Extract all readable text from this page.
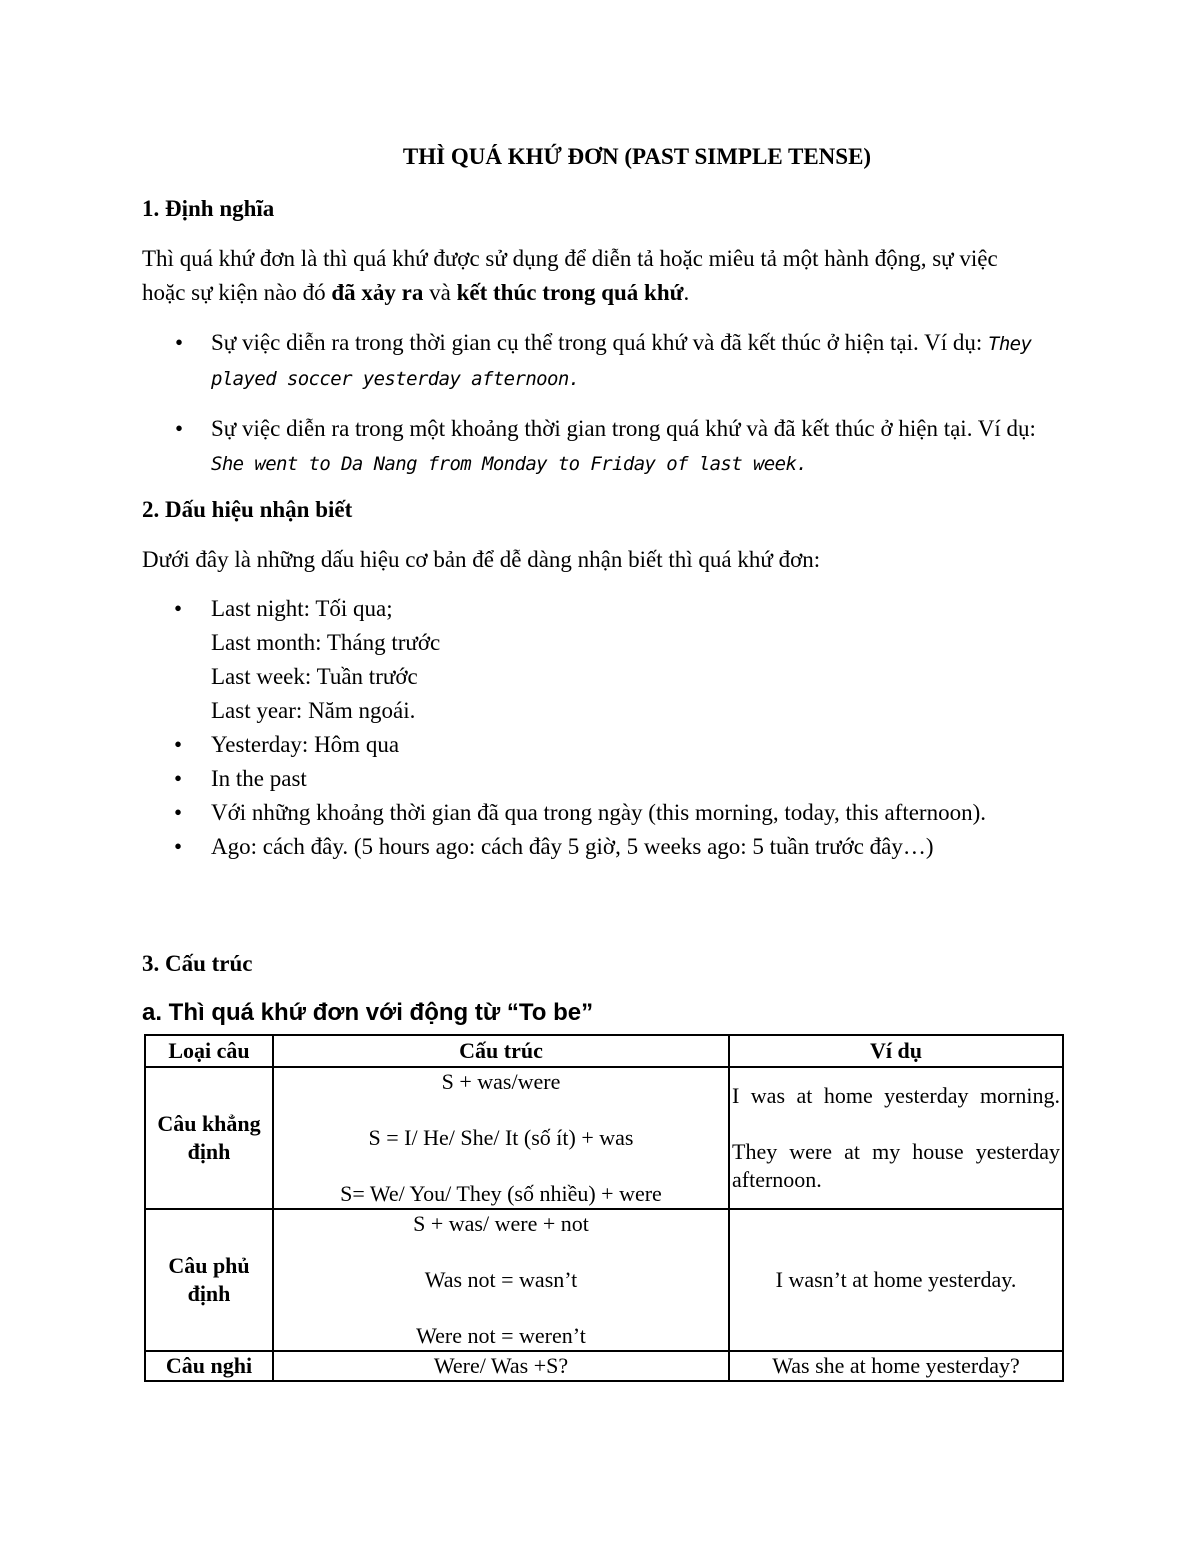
THÌ QUÁ KHỨ ĐƠN (PAST SIMPLE TENSE)
1. Định nghĩa

Thì quá khứ đơn là thì quá khứ được sử dụng để diễn tả hoặc miêu tả một hành động, sự việc hoặc sự kiện nào đó đã xảy ra và kết thúc trong quá khứ.

• Sự việc diễn ra trong thời gian cụ thể trong quá khứ và đã kết thúc ở hiện tại. Ví dụ: They played soccer yesterday afternoon.
• Sự việc diễn ra trong một khoảng thời gian trong quá khứ và đã kết thúc ở hiện tại. Ví dụ: She went to Da Nang from Monday to Friday of last week.
2. Dấu hiệu nhận biết

Dưới đây là những dấu hiệu cơ bản để dễ dàng nhận biết thì quá khứ đơn:

• Last night: Tối qua;
Last month: Tháng trước
Last week: Tuần trước
Last year: Năm ngoái.
• Yesterday: Hôm qua
• In the past
• Với những khoảng thời gian đã qua trong ngày (this morning, today, this afternoon).
• Ago: cách đây. (5 hours ago: cách đây 5 giờ, 5 weeks ago: 5 tuần trước đây…)
3. Cấu trúc
a. Thì quá khứ đơn với động từ “To be”
Loại câu	Cấu trúc	Ví dụ
Câu khẳng định	S + was/were
S = I/ He/ She/ It (số ít) + was
S= We/ You/ They (số nhiều) + were	I was at home yesterday morning.
They were at my house yesterday afternoon.

Câu phủ định	S + was/ were + not
Was not = wasn’t
Were not = weren’t	I wasn’t at home yesterday.
Câu nghi	Were/ Was +S?	Was she at home yesterday?
